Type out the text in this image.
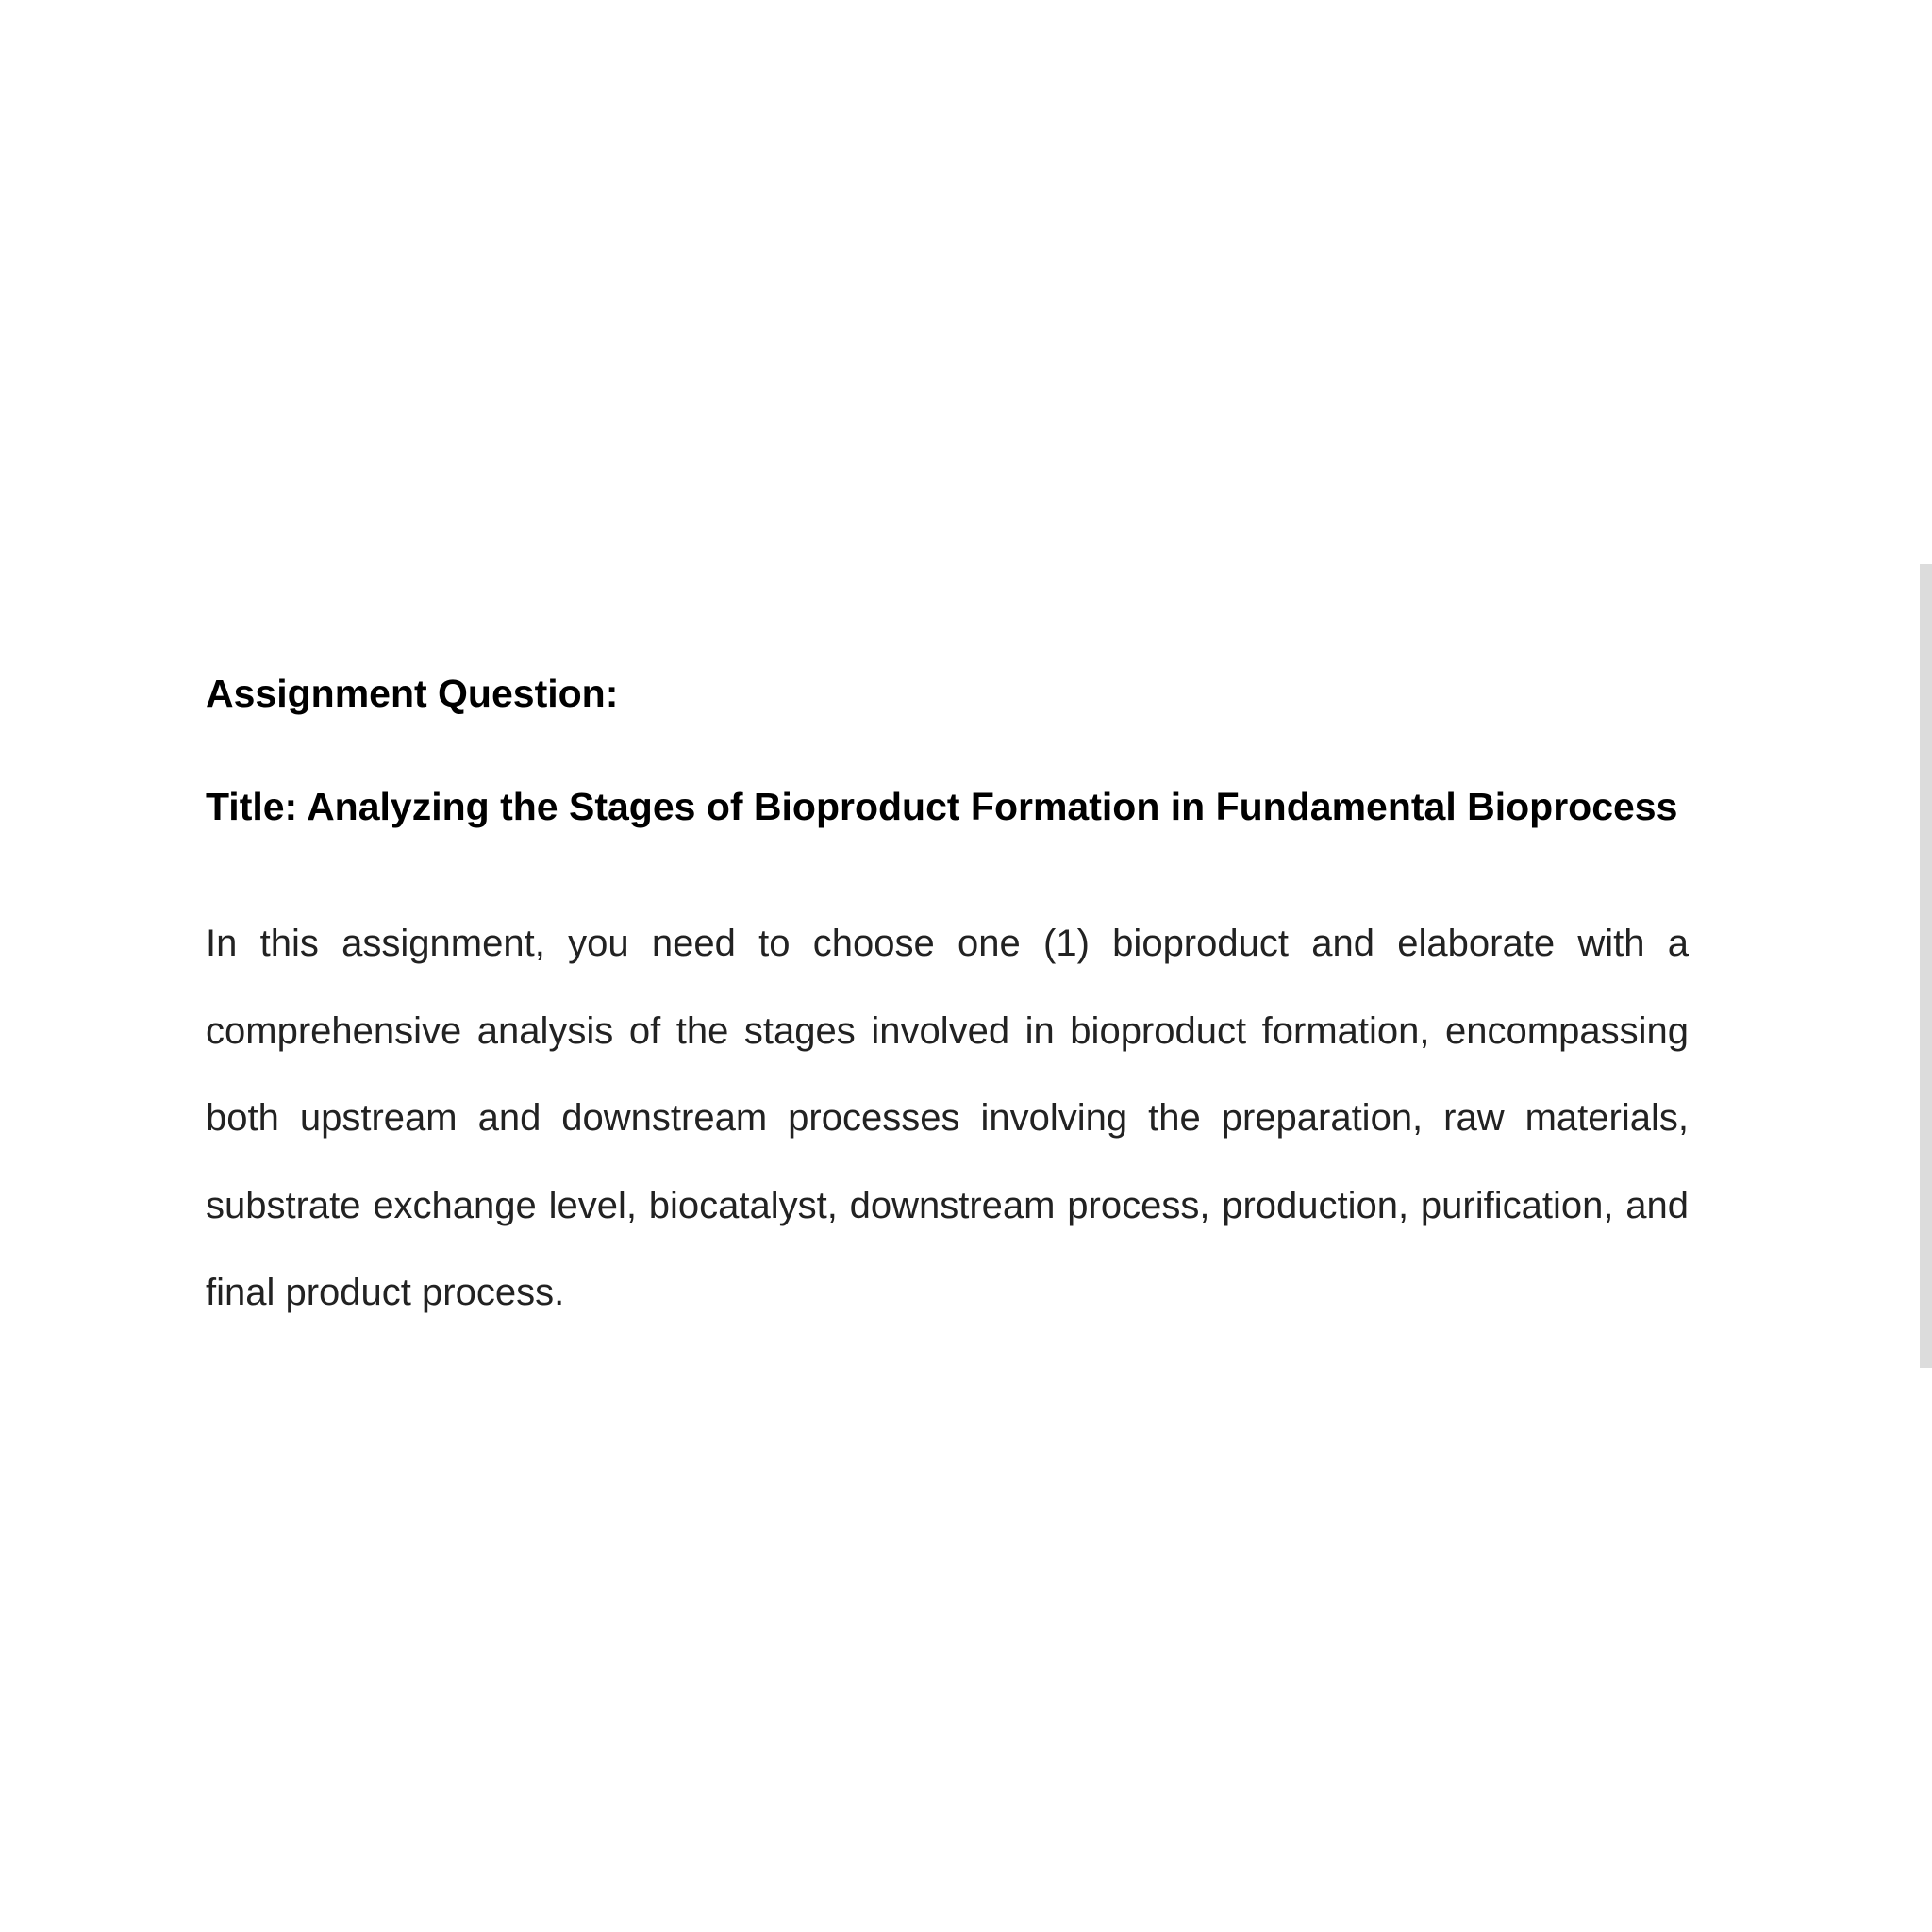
Assignment Question:

Title: Analyzing the Stages of Bioproduct Formation in Fundamental Bioprocess

In this assignment, you need to choose one (1) bioproduct and elaborate with a comprehensive analysis of the stages involved in bioproduct formation, encompassing both upstream and downstream processes involving the preparation, raw materials, substrate exchange level, biocatalyst, downstream process, production, purification, and final product process.
